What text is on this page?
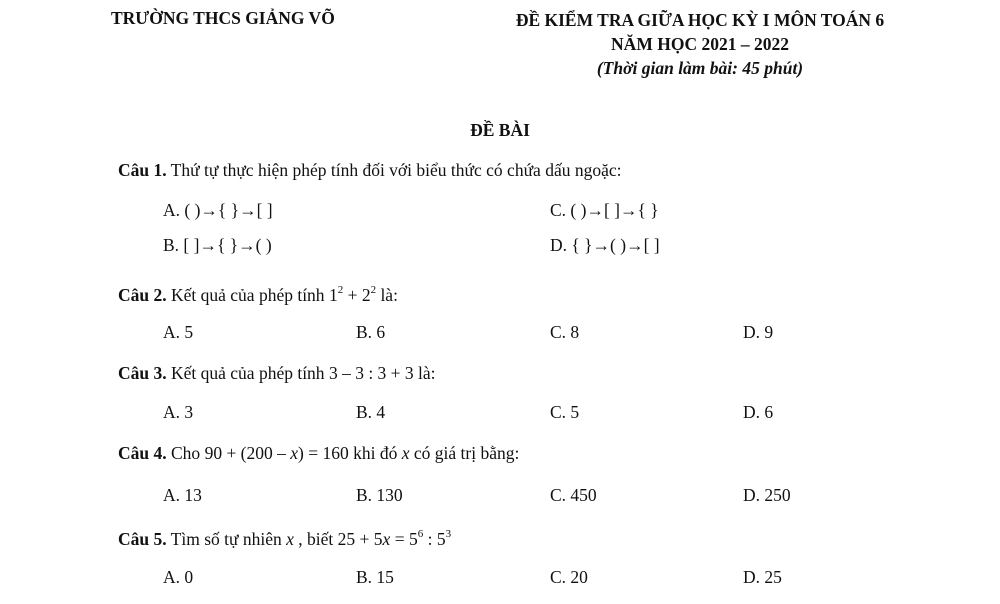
TRƯỜNG THCS GIẢNG VÕ	ĐỀ KIỂM TRA GIỮA HỌC KỲ I MÔN TOÁN 6
NĂM HỌC 2021 – 2022
(Thời gian làm bài: 45 phút)
ĐỀ BÀI
Câu 1. Thứ tự thực hiện phép tính đối với biểu thức có chứa dấu ngoặc:
A. ( )→{ }→[ ]	C. ( )→[ ]→{ }
B. [ ]→{ }→( )	D. { }→( )→[ ]
Câu 2. Kết quả của phép tính $1^2 + 2^2$ là:
A. 5	B. 6	C. 8	D. 9
Câu 3. Kết quả của phép tính 3 – 3 : 3 + 3 là:
A. 3	B. 4	C. 5	D. 6
Câu 4. Cho 90 + (200 – x) = 160 khi đó x có giá trị bằng:
A. 13	B. 130	C. 450	D. 250
Câu 5. Tìm số tự nhiên x , biết $25 + 5x = 5^6$ : $5^3$
A. 0	B. 15	C. 20	D. 25
